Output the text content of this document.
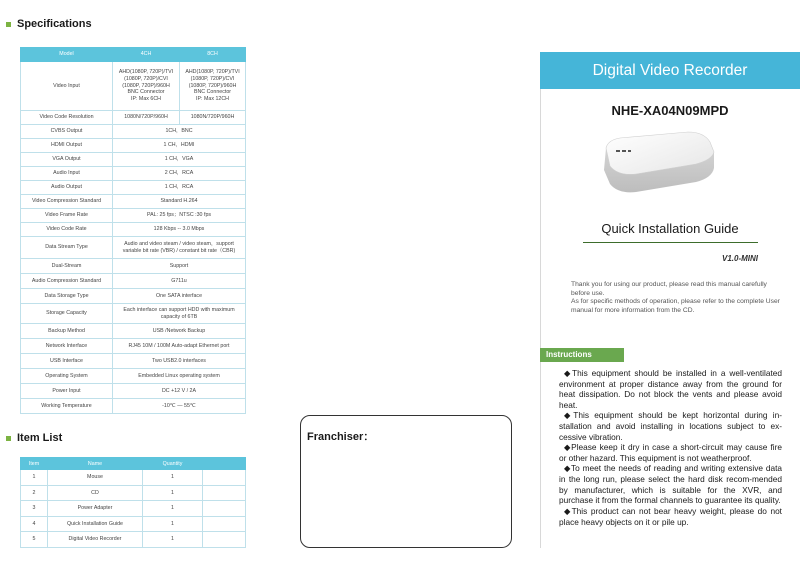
Specifications
Model	4CH	8CH
Video Input	AHD(1080P, 720P)/TVI
(1080P, 720P)/CVI
(1080P, 720P)/960H
BNC Connector
IP: Max 6CH	AHD(1080P, 720P)/TVI
(1080P, 720P)/CVI
(1080P, 720P)/960H
BNC Connector
IP: Max 12CH

Video Code Resolution	1080N/720P/960H	1080N/720P/960H
CVBS Output	1CH，BNC	
HDMI Output	1 CH，HDMI	
VGA Output	1 CH，VGA	
Audio Input	2 CH，RCA	
Audio Output	1 CH，RCA	
Video Compression Standard	Standard H.264	
Video Frame Rate	PAL: 25 fps；NTSC :30 fps	
Video Code Rate	128 Kbps -- 3.0 Mbps	
Data Stream Type	Audio and video steam / video steam，support variable bit rate (VBR) / constant bit rate（CBR)	
Dual-Stream	Support	
Audio Compression Standard	G711u	
Data Storage Type	One SATA interface	
Storage Capacity	Each interface can support HDD with maximum capacity of 6TB	
Backup Method	USB /Network Backup	
Network Interface	RJ45 10M / 100M Auto-adapt Ethernet port	
USB Interface	Two USB2.0 interfaces	
Operating System	Embedded Linux operating system	
Power Input	DC +12 V / 2A	
Working Temperature	-10℃ — 55℃	
Item List
Item	Name	Quantity	
1	Mouse	1	
2	CD	1	
3	Power Adapter	1	
4	Quick Installation Guide	1	
5	Digital Video Recorder	1	
Franchiser：
Digital Video Recorder
NHE-XA04N09MPD
Quick Installation Guide
V1.0-MINI

Thank you for using our product, please read this manual carefully before use.

As for specific methods of operation, please refer to the complete User manual for more information from the CD.

Instructions

◆This equipment should be installed in a well-ventilated environment at proper distance away from the ground for heat dissipation. Do not block the vents and please avoid heat.

◆This equipment should be kept horizontal during in-stallation and avoid installing in locations subject to ex-cessive vibration.

◆Please keep it dry in case a short-circuit may cause fire or other hazard. This equipment is not weatherproof.

◆To meet the needs of reading and writing extensive data in the long run, please select the hard disk recom-mended by manufacturer, which is suitable for the XVR, and purchase it from the formal channels to guarantee its quality.

◆This product can not bear heavy weight, please do not place heavy objects on it or pile up.
